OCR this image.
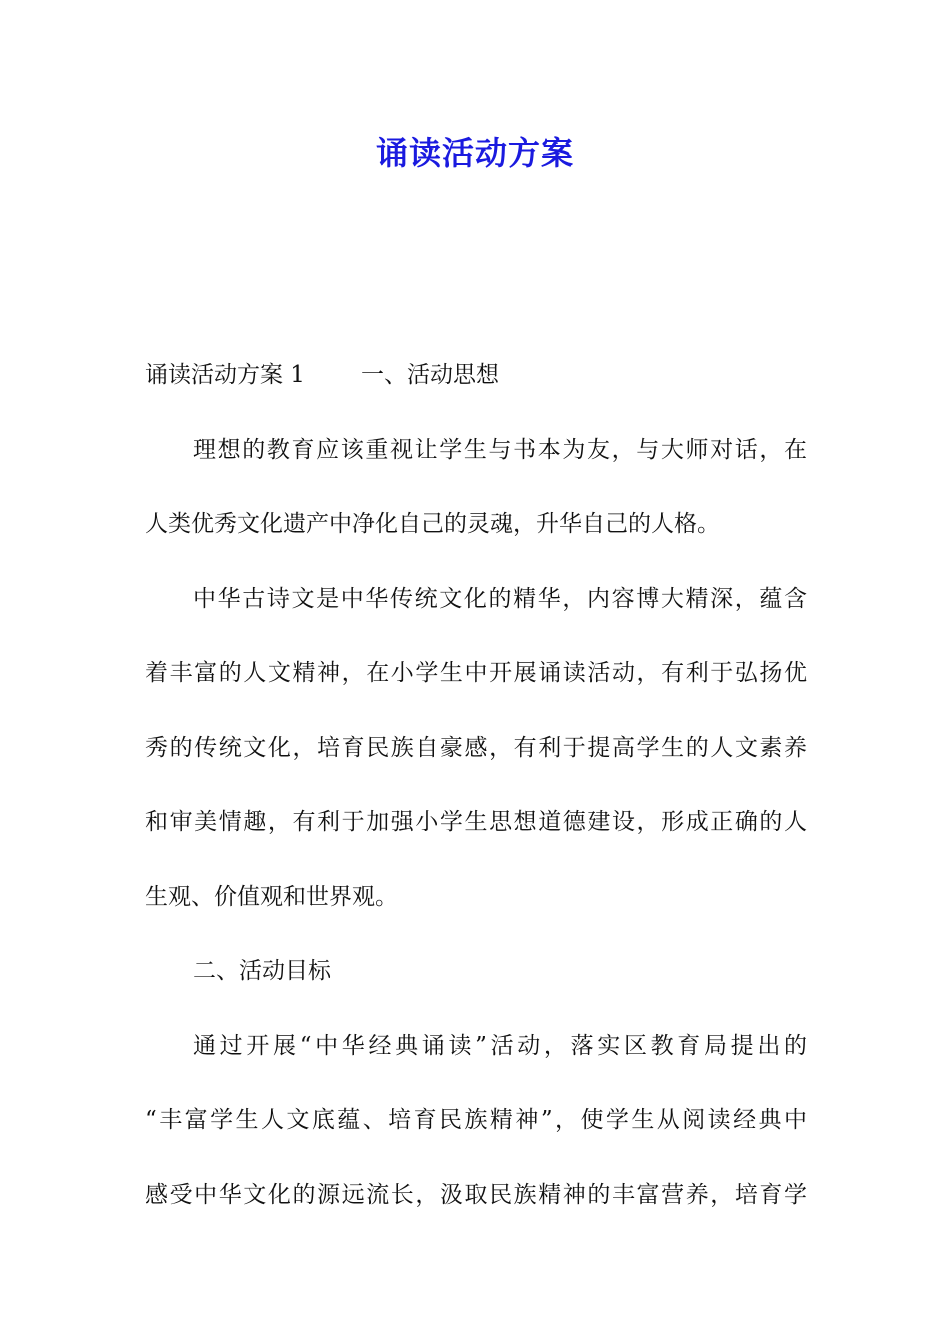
诵读活动方案
诵读活动方案 1 一、活动思想
理想的教育应该重视让学生与书本为友，与大师对话，在
人类优秀文化遗产中净化自己的灵魂，升华自己的人格。
中华古诗文是中华传统文化的精华，内容博大精深，蕴含
着丰富的人文精神，在小学生中开展诵读活动，有利于弘扬优
秀的传统文化，培育民族自豪感，有利于提高学生的人文素养
和审美情趣，有利于加强小学生思想道德建设，形成正确的人
生观、价值观和世界观。
二、活动目标
通过开展“中华经典诵读”活动，落实区教育局提出的
“丰富学生人文底蕴、培育民族精神”，使学生从阅读经典中
感受中华文化的源远流长，汲取民族精神的丰富营养，培育学
